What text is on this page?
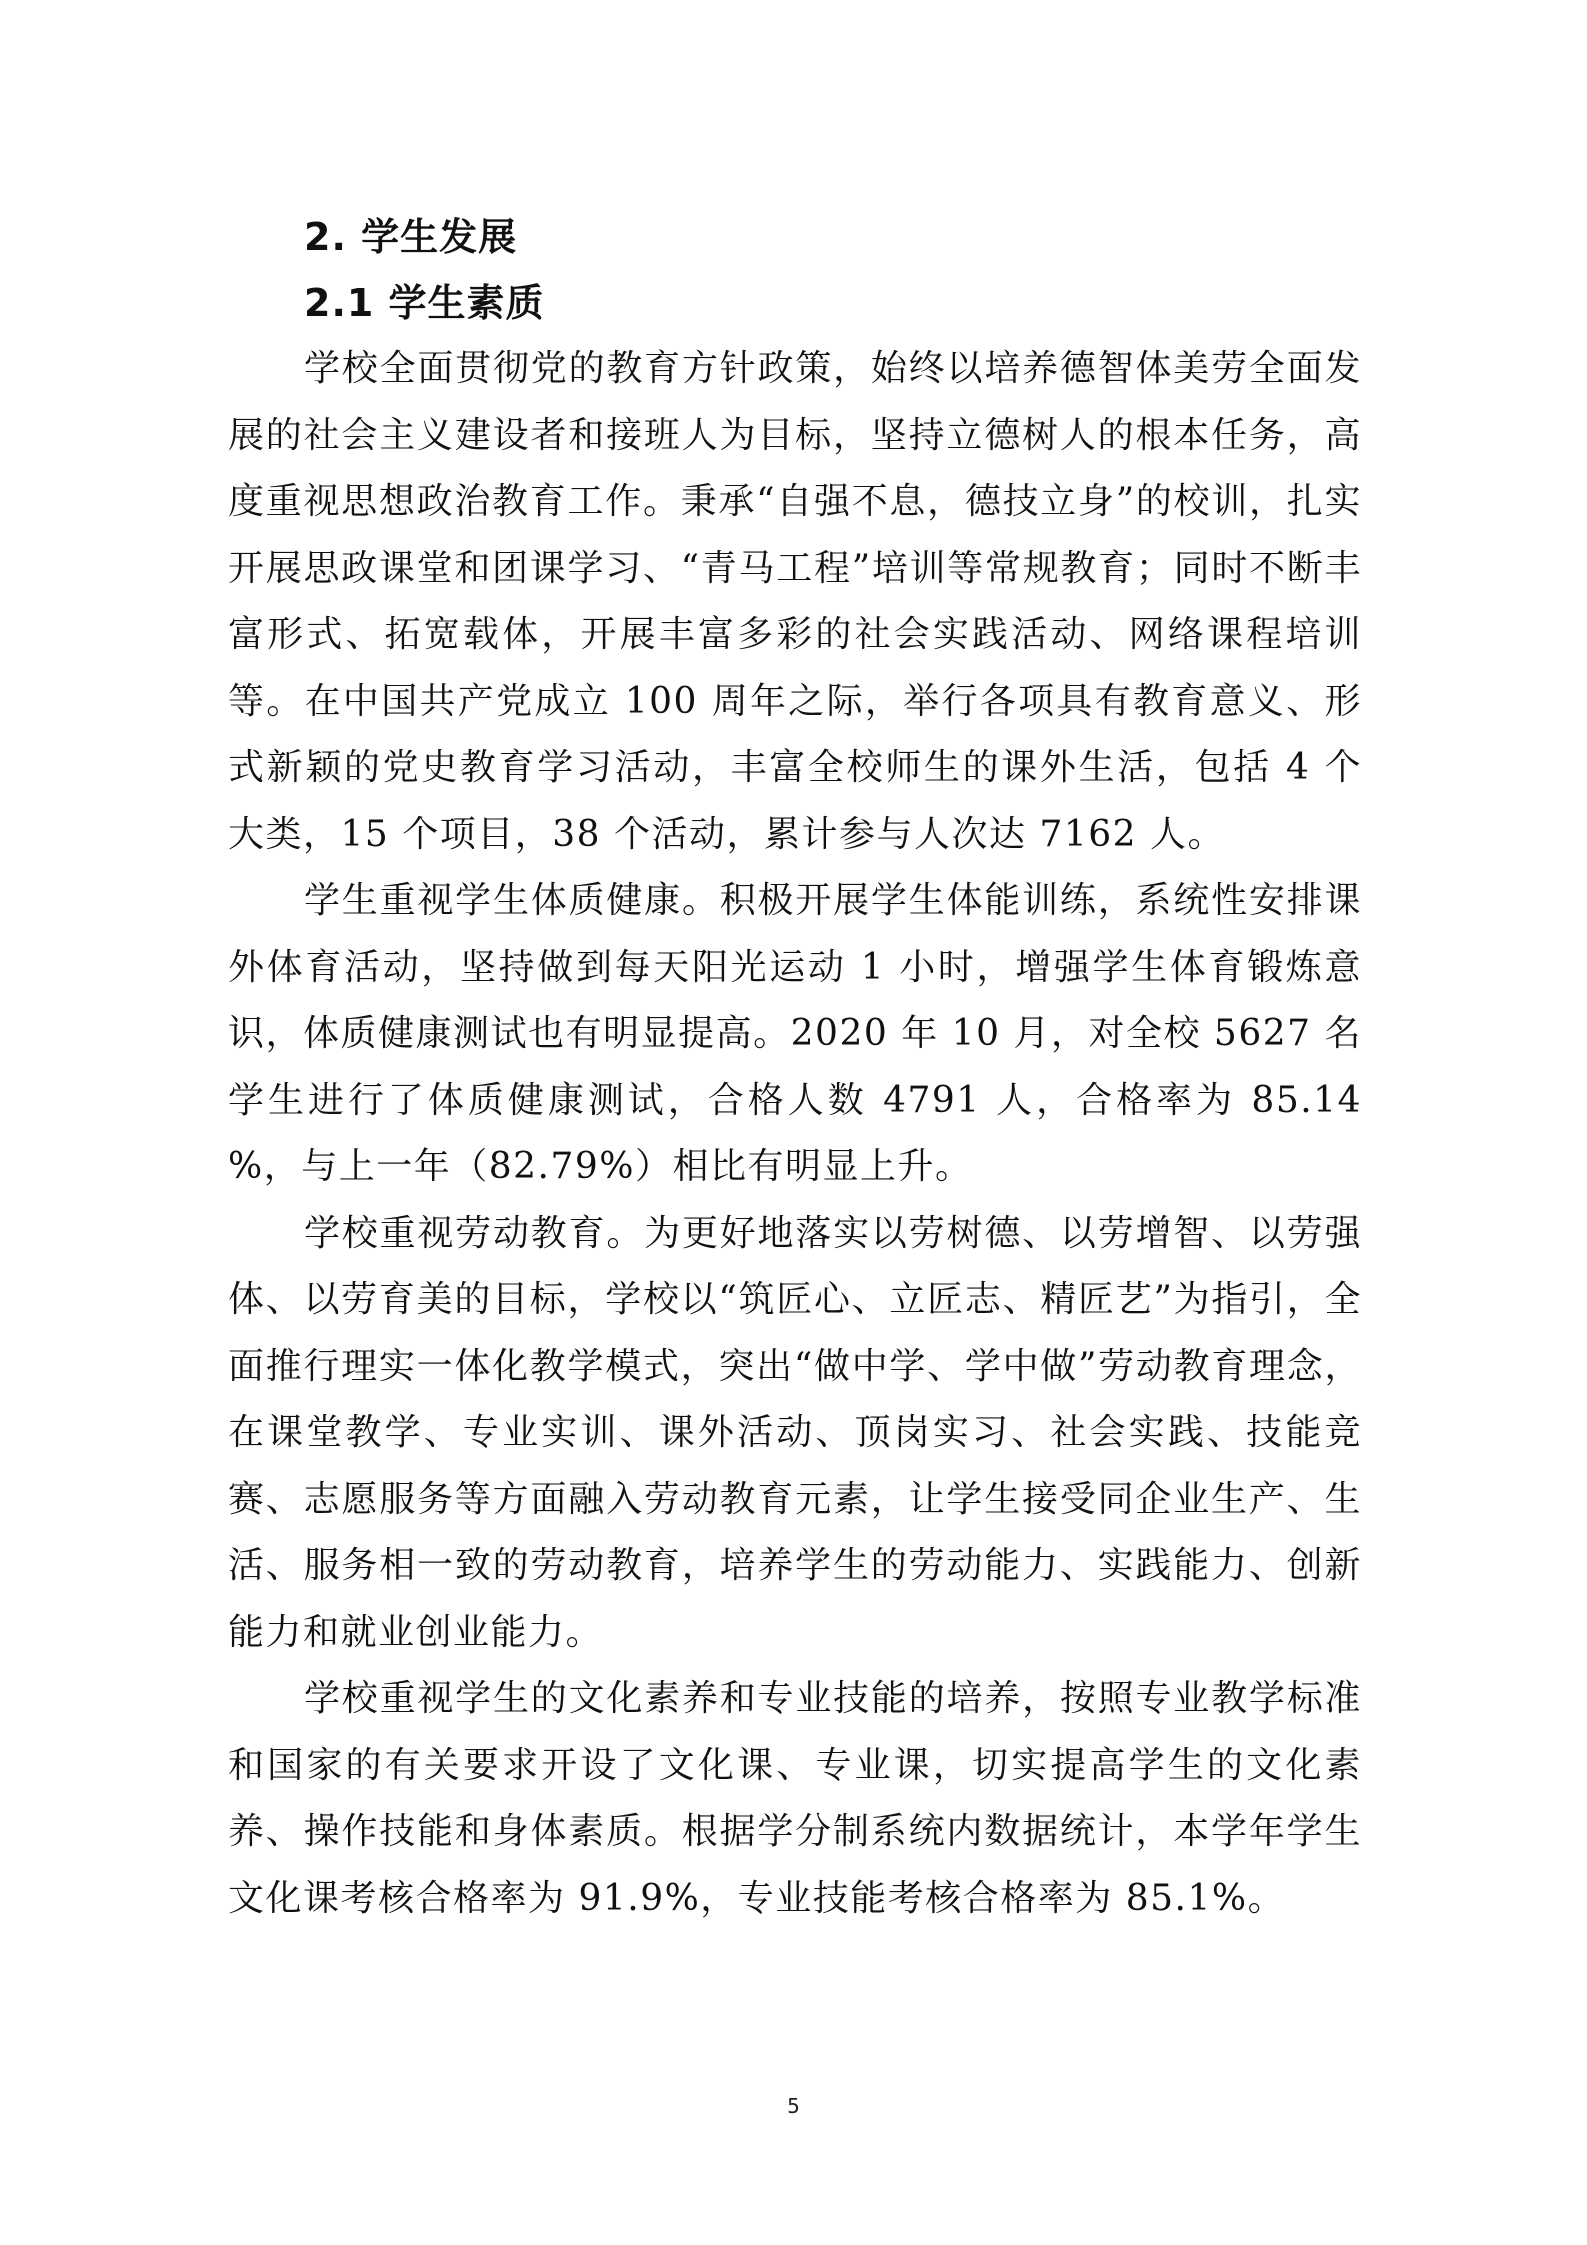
2. 学生发展
2.1 学生素质

学校全面贯彻党的教育方针政策，始终以培养德智体美劳全面发展的社会主义建设者和接班人为目标，坚持立德树人的根本任务，高度重视思想政治教育工作。秉承“自强不息，德技立身”的校训，扎实开展思政课堂和团课学习、“青马工程”培训等常规教育；同时不断丰富形式、拓宽载体，开展丰富多彩的社会实践活动、网络课程培训等。在中国共产党成立 100 周年之际，举行各项具有教育意义、形式新颖的党史教育学习活动，丰富全校师生的课外生活，包括 4 个大类，15 个项目，38 个活动，累计参与人次达 7162 人。

学生重视学生体质健康。积极开展学生体能训练，系统性安排课外体育活动，坚持做到每天阳光运动 1 小时，增强学生体育锻炼意识，体质健康测试也有明显提高。2020 年 10 月，对全校 5627 名学生进行了体质健康测试，合格人数 4791 人，合格率为 85.14 %，与上一年（82.79%）相比有明显上升。

学校重视劳动教育。为更好地落实以劳树德、以劳增智、以劳强体、以劳育美的目标，学校以“筑匠心、立匠志、精匠艺”为指引，全面推行理实一体化教学模式，突出“做中学、学中做”劳动教育理念，在课堂教学、专业实训、课外活动、顶岗实习、社会实践、技能竞赛、志愿服务等方面融入劳动教育元素，让学生接受同企业生产、生活、服务相一致的劳动教育，培养学生的劳动能力、实践能力、创新能力和就业创业能力。

学校重视学生的文化素养和专业技能的培养，按照专业教学标准和国家的有关要求开设了文化课、专业课，切实提高学生的文化素养、操作技能和身体素质。根据学分制系统内数据统计，本学年学生文化课考核合格率为 91.9%，专业技能考核合格率为 85.1%。

5
